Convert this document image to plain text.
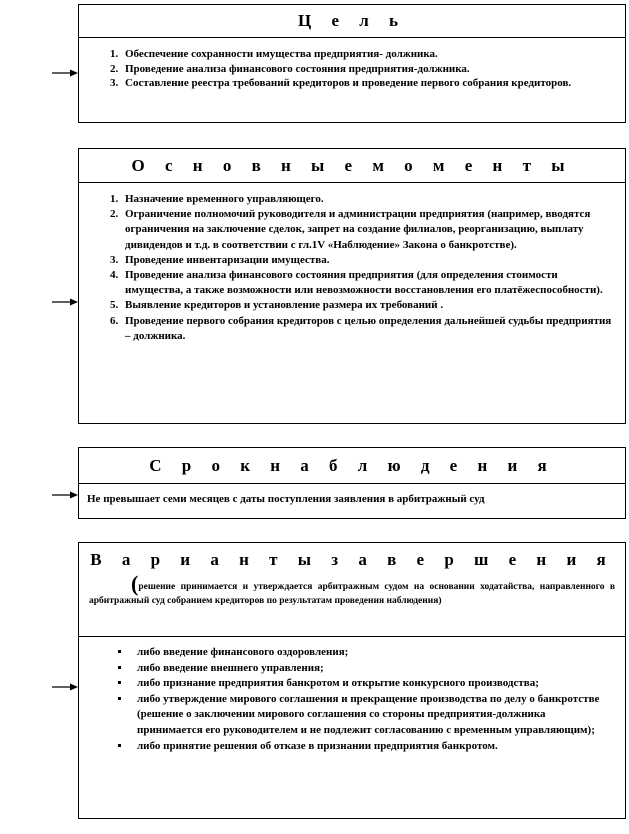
Ц е л ь
1. Обеспечение сохранности имущества предприятия- должника.
2. Проведение анализа финансового состояния предприятия-должника.
3. Составление реестра требований кредиторов и проведение первого собрания кредиторов.
О с н о в н ы е м о м е н т ы
1. Назначение временного управляющего.
2. Ограничение полномочий руководителя и администрации предприятия (например, вводятся ограничения на заключение сделок, запрет на создание филиалов, реорганизацию, выплату дивидендов и т.д. в соответствии с гл.1V «Наблюдение» Закона о банкротстве).
3. Проведение инвентаризации имущества.
4. Проведение анализа финансового состояния предприятия (для определения стоимости имущества, а также возможности или невозможности восстановления его платёжеспособности).
5. Выявление кредиторов и установление размера их требований .
6. Проведение первого собрания кредиторов с целью определения дальнейшей судьбы предприятия – должника.
С р о к н а б л ю д е н и я
Не превышает семи месяцев с даты поступления заявления в арбитражный суд
В а р и а н т ы з а в е р ш е н и я
(решение принимается и утверждается арбитражным судом на основании ходатайства, направленного в арбитражный суд собранием кредиторов по результатам проведения наблюдения)
▪ либо введение финансового оздоровления;
▪ либо введение внешнего управления;
▪ либо признание предприятия банкротом и открытие конкурсного производства;
▪ либо утверждение мирового соглашения и прекращение производства по делу о банкротстве (решение о заключении мирового соглашения со стороны предприятия-должника принимается его руководителем и не подлежит согласованию с временным управляющим);
▪ либо принятие решения об отказе в признании предприятия банкротом.
